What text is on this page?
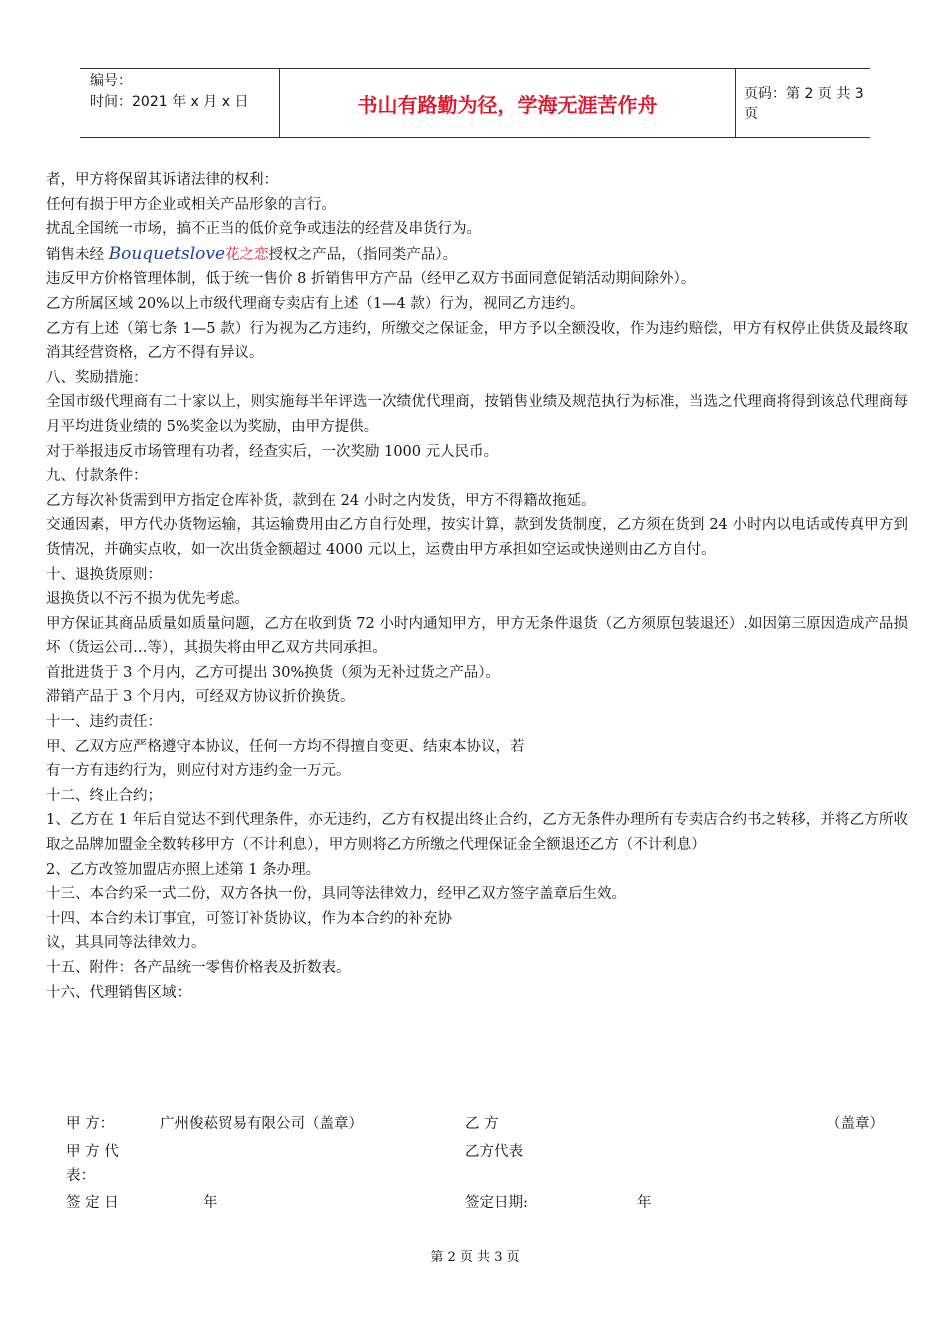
编号：
时间：2021 年 x 月 x 日	书山有路勤为径，学海无涯苦作舟	页码：第 2 页 共 3 页

者，甲方将保留其诉诸法律的权利：

任何有损于甲方企业或相关产品形象的言行。

扰乱全国统一市场，搞不正当的低价竞争或违法的经营及串货行为。

销售未经 Bouquetslove花之恋授权之产品，（指同类产品）。

违反甲方价格管理体制，低于统一售价 8 折销售甲方产品（经甲乙双方书面同意促销活动期间除外）。

乙方所属区域 20%以上市级代理商专卖店有上述（1—4 款）行为，视同乙方违约。

乙方有上述（第七条 1—5 款）行为视为乙方违约，所缴交之保证金，甲方予以全额没收，作为违约赔偿，甲方有权停止供货及最终取消其经营资格，乙方不得有异议。

八、奖励措施：

全国市级代理商有二十家以上，则实施每半年评选一次绩优代理商，按销售业绩及规范执行为标准，当选之代理商将得到该总代理商每月平均进货业绩的 5%奖金以为奖励，由甲方提供。

对于举报违反市场管理有功者，经查实后，一次奖励 1000 元人民币。

九、付款条件：

乙方每次补货需到甲方指定仓库补货，款到在 24 小时之内发货，甲方不得籍故拖延。

交通因素，甲方代办货物运输，其运输费用由乙方自行处理，按实计算，款到发货制度，乙方须在货到 24 小时内以电话或传真甲方到货情况，并确实点收，如一次出货金额超过 4000 元以上，运费由甲方承担如空运或快递则由乙方自付。

十、退换货原则：

退换货以不污不损为优先考虑。

甲方保证其商品质量如质量问题，乙方在收到货 72 小时内通知甲方，甲方无条件退货（乙方须原包装退还）.如因第三原因造成产品损坏（货运公司…等），其损失将由甲乙双方共同承担。

首批进货于 3 个月内，乙方可提出 30%换货（须为无补过货之产品）。

滞销产品于 3 个月内，可经双方协议折价换货。

十一、违约责任：

甲、乙双方应严格遵守本协议，任何一方均不得擅自变更、结束本协议，若

有一方有违约行为，则应付对方违约金一万元。

十二、终止合约；

1、乙方在 1 年后自觉达不到代理条件，亦无违约，乙方有权提出终止合约，乙方无条件办理所有专卖店合约书之转移，并将乙方所收取之品牌加盟金全数转移甲方（不计利息），甲方则将乙方所缴之代理保证金全额退还乙方（不计利息）

2、乙方改签加盟店亦照上述第 1 条办理。

十三、本合约采一式二份，双方各执一份，具同等法律效力，经甲乙双方签字盖章后生效。

十四、本合约未订事宜，可签订补货协议，作为本合约的补充协

议，其具同等法律效力。

十五、附件：各产品统一零售价格表及折数表。

十六、代理销售区域：

甲 方：	广州俊菘贸易有限公司（盖章）	乙 方	（盖章）
甲 方 代	乙方代表
表：
签 定 日	年	签定日期:	年
第 2 页 共 3 页
